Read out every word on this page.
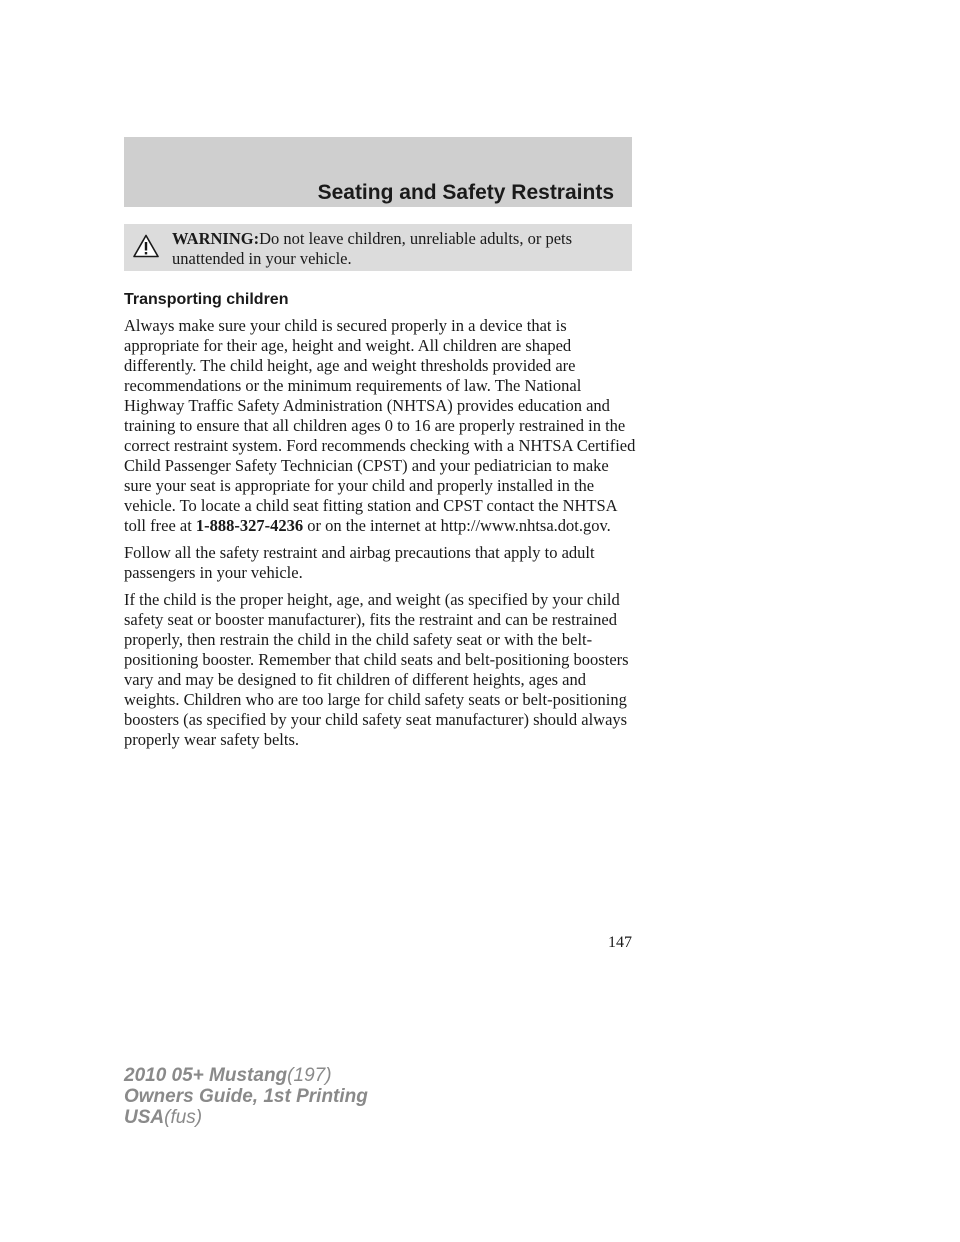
Seating and Safety Restraints
WARNING:Do not leave children, unreliable adults, or pets unattended in your vehicle.
Transporting children

Always make sure your child is secured properly in a device that is appropriate for their age, height and weight. All children are shaped differently. The child height, age and weight thresholds provided are recommendations or the minimum requirements of law. The National Highway Traffic Safety Administration (NHTSA) provides education and training to ensure that all children ages 0 to 16 are properly restrained in the correct restraint system. Ford recommends checking with a NHTSA Certified Child Passenger Safety Technician (CPST) and your pediatrician to make sure your seat is appropriate for your child and properly installed in the vehicle. To locate a child seat fitting station and CPST contact the NHTSA toll free at 1-888-327-4236 or on the internet at http://www.nhtsa.dot.gov.

Follow all the safety restraint and airbag precautions that apply to adult passengers in your vehicle.

If the child is the proper height, age, and weight (as specified by your child safety seat or booster manufacturer), fits the restraint and can be restrained properly, then restrain the child in the child safety seat or with the belt-positioning booster. Remember that child seats and belt-positioning boosters vary and may be designed to fit children of different heights, ages and weights. Children who are too large for child safety seats or belt-positioning boosters (as specified by your child safety seat manufacturer) should always properly wear safety belts.

147
2010 05+ Mustang(197)
Owners Guide, 1st Printing
USA(fus)
